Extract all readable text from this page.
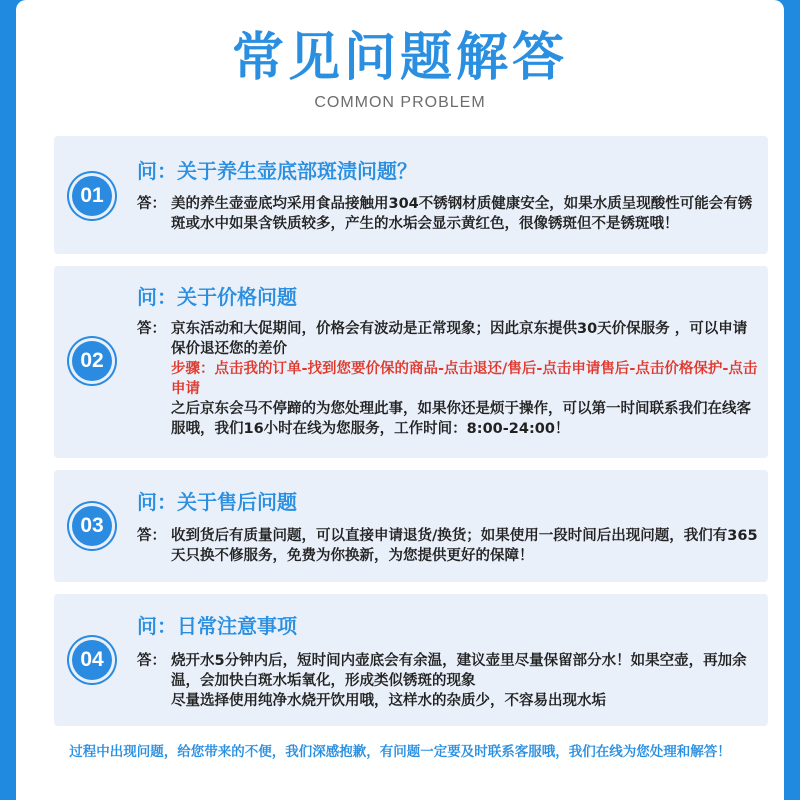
常见问题解答
COMMON PROBLEM
01
问：关于养生壶底部斑渍问题？
答： 美的养生壶壶底均采用食品接触用304不锈钢材质健康安全，如果水质呈现酸性可能会有锈斑或水中如果含铁质较多，产生的水垢会显示黄红色，很像锈斑但不是锈斑哦！
02
问：关于价格问题
答： 京东活动和大促期间，价格会有波动是正常现象；因此京东提供30天价保服务 ，可以申请保价退还您的差价
步骤：点击我的订单-找到您要价保的商品-点击退还/售后-点击申请售后-点击价格保护-点击申请
之后京东会马不停蹄的为您处理此事，如果你还是烦于操作，可以第一时间联系我们在线客服哦，我们16小时在线为您服务，工作时间：8:00-24:00！
03
问：关于售后问题
答： 收到货后有质量问题，可以直接申请退货/换货；如果使用一段时间后出现问题，我们有365天只换不修服务，免费为你换新，为您提供更好的保障！
04
问：日常注意事项
答： 烧开水5分钟内后，短时间内壶底会有余温，建议壶里尽量保留部分水！如果空壶，再加余温，会加快白斑水垢氧化，形成类似锈斑的现象
尽量选择使用纯净水烧开饮用哦，这样水的杂质少，不容易出现水垢
过程中出现问题，给您带来的不便，我们深感抱歉，有问题一定要及时联系客服哦，我们在线为您处理和解答！
